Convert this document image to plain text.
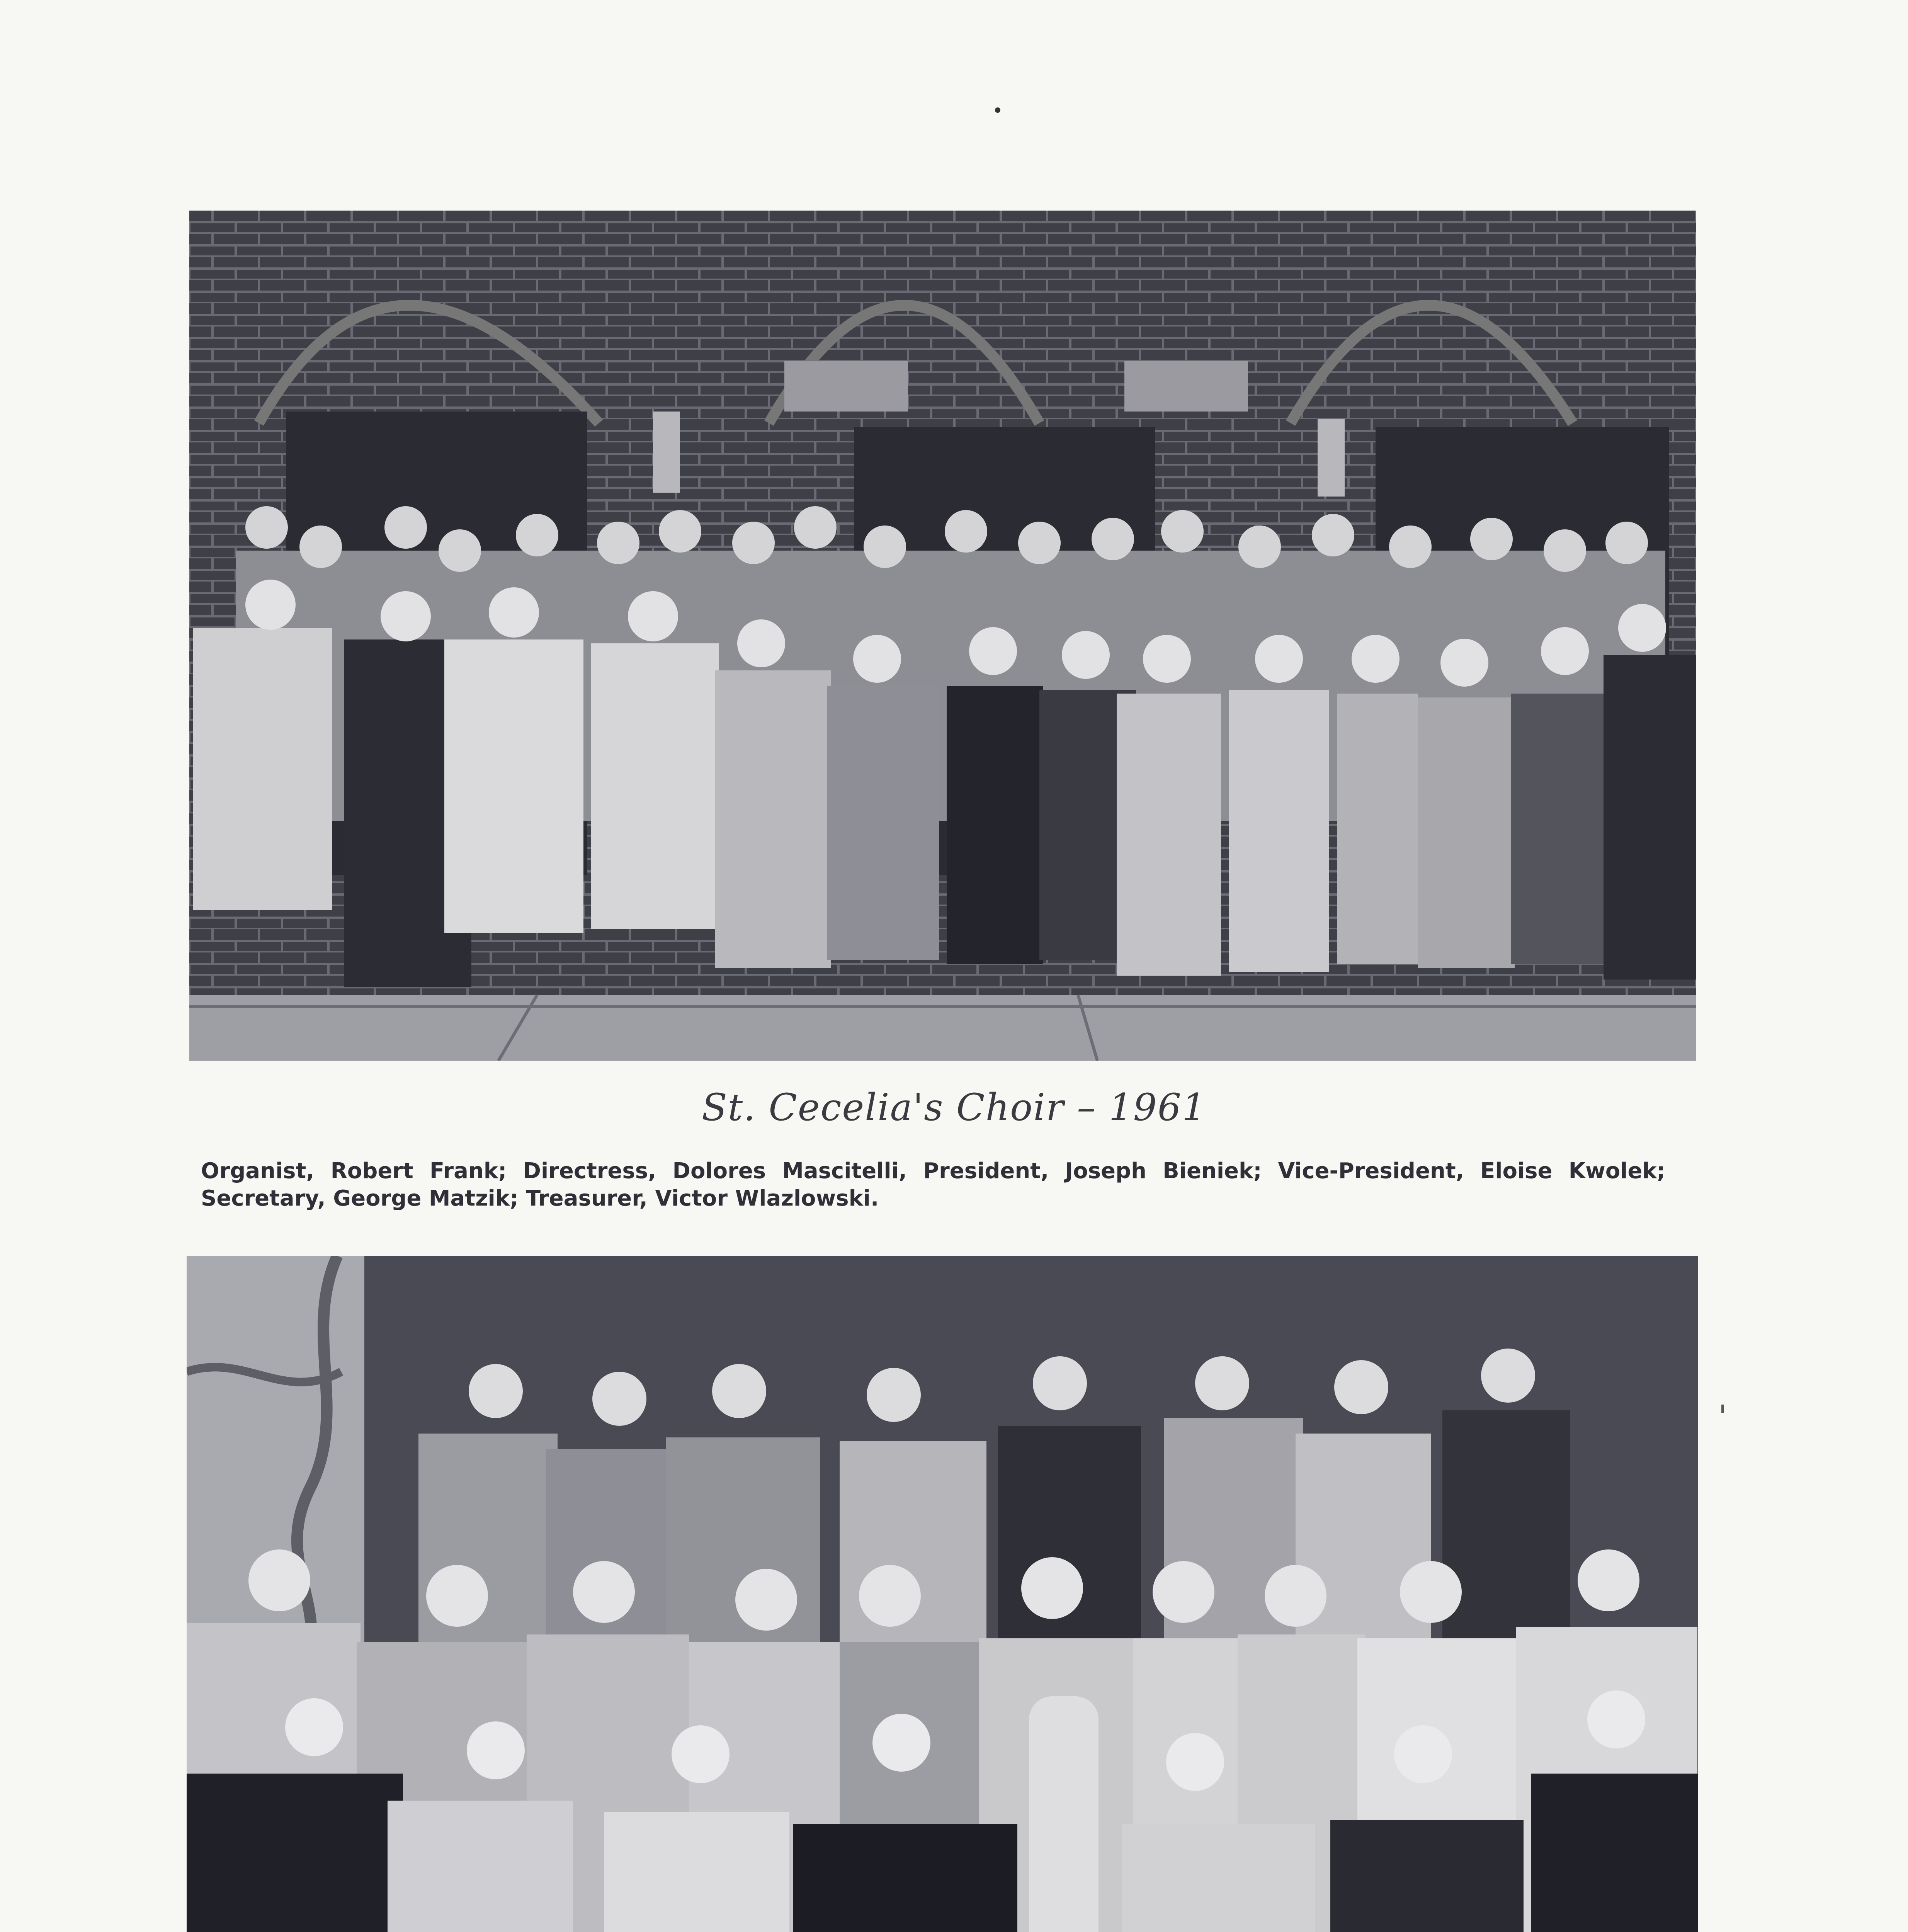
St. Cecelia's Choir – 1961
Organist, Robert Frank; Directress, Dolores Mascitelli, President, Joseph Bieniek; Vice-President, Eloise Kwolek; Secretary, George Matzik; Treasurer, Victor Wlazlowski.
